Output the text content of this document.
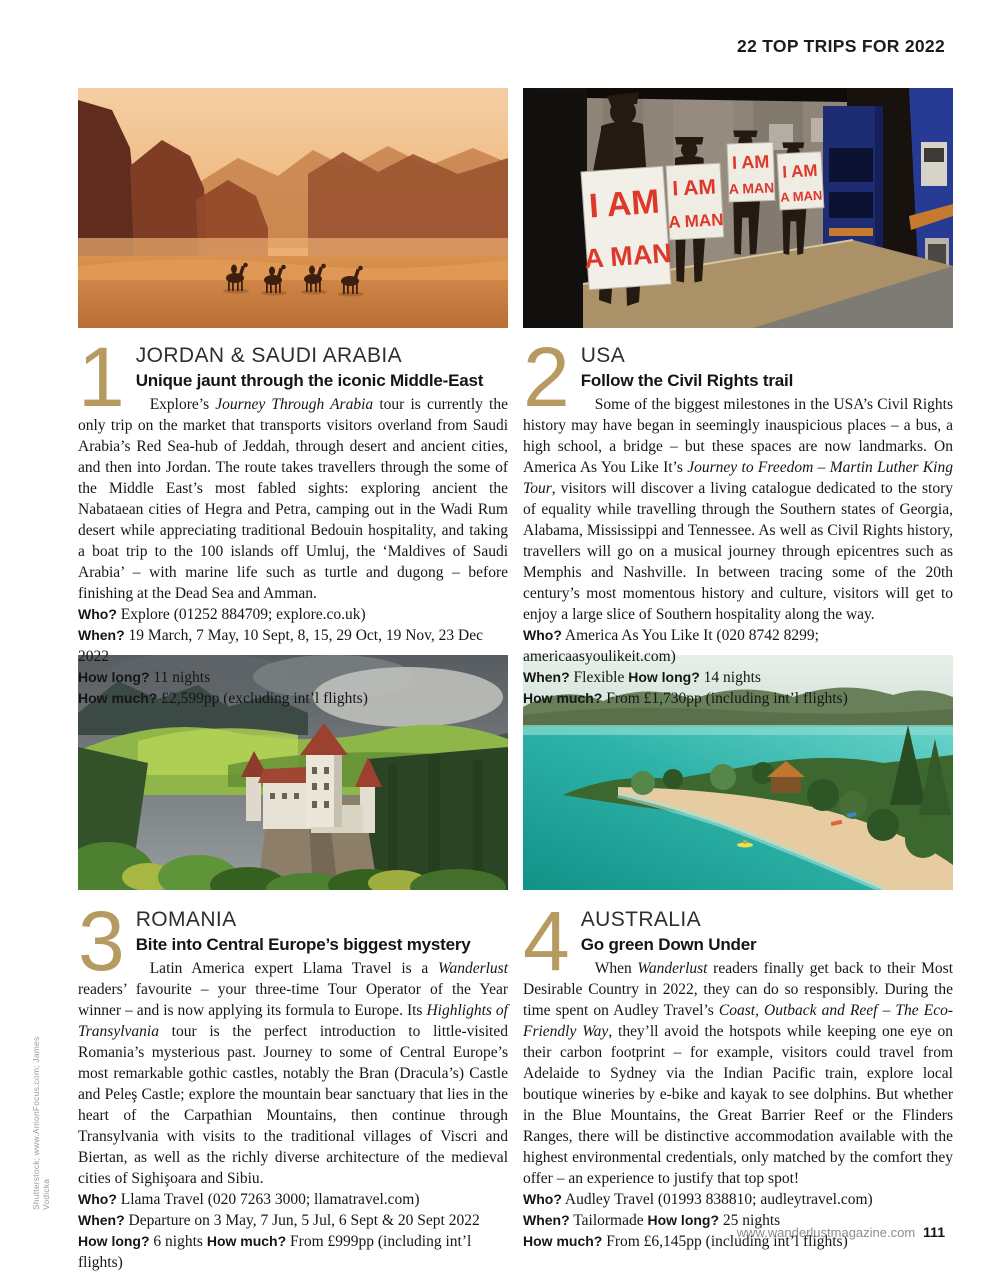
22 TOP TRIPS FOR 2022
I AM
A MAN
I AM
A MAN
I AM
A MAN
I AM
A MAN
1 JORDAN & SAUDI ARABIA
Unique jaunt through the iconic Middle-East

Explore’s Journey Through Arabia tour is currently the only trip on the market that transports visitors overland from Saudi Arabia’s Red Sea-hub of Jeddah, through desert and ancient cities, and then into Jordan. The route takes travellers through the some of the Middle East’s most fabled sights: exploring ancient the Nabataean cities of Hegra and Petra, camping out in the Wadi Rum desert while appreciating traditional Bedouin hospitality, and taking a boat trip to the 100 islands off Umluj, the ‘Maldives of Saudi Arabia’ – with marine life such as turtle and dugong – before finishing at the Dead Sea and Amman.

Who? Explore (01252 884709; explore.co.uk)
When? 19 March, 7 May, 10 Sept, 8, 15, 29 Oct, 19 Nov, 23 Dec 2022
How long? 11 nights
How much? £2,599pp (excluding int’l flights)
2 USA
Follow the Civil Rights trail

Some of the biggest milestones in the USA’s Civil Rights history may have began in seemingly inauspicious places – a bus, a high school, a bridge – but these spaces are now landmarks. On America As You Like It’s Journey to Freedom – Martin Luther King Tour, visitors will discover a living catalogue dedicated to the story of equality while travelling through the Southern states of Georgia, Alabama, Mississippi and Tennessee. As well as Civil Rights history, travellers will go on a musical journey through epicentres such as Memphis and Nashville. In between tracing some of the 20th century’s most momentous history and culture, visitors will get to enjoy a large slice of Southern hospitality along the way.

Who? America As You Like It (020 8742 8299; americaasyoulikeit.com)
When? Flexible How long? 14 nights
How much? From £1,730pp (including int’l flights)
3 ROMANIA
Bite into Central Europe’s biggest mystery

Latin America expert Llama Travel is a Wanderlust readers’ favourite – your three-time Tour Operator of the Year winner – and is now applying its formula to Europe. Its Highlights of Transylvania tour is the perfect introduction to little-visited Romania’s mysterious past. Journey to some of Central Europe’s most remarkable gothic castles, notably the Bran (Dracula’s) Castle and Peleş Castle; explore the mountain bear sanctuary that lies in the heart of the Carpathian Mountains, then continue through Transylvania with visits to the traditional villages of Viscri and Biertan, as well as the richly diverse architecture of the medieval cities of Sighişoara and Sibiu.

Who? Llama Travel (020 7263 3000; llamatravel.com)
When? Departure on 3 May, 7 Jun, 5 Jul, 6 Sept & 20 Sept 2022
How long? 6 nights How much? From £999pp (including int’l flights)
4 AUSTRALIA
Go green Down Under

When Wanderlust readers finally get back to their Most Desirable Country in 2022, they can do so responsibly. During the time spent on Audley Travel’s Coast, Outback and Reef – The Eco-Friendly Way, they’ll avoid the hotspots while keeping one eye on their carbon footprint – for example, visitors could travel from Adelaide to Sydney via the Indian Pacific train, explore local boutique wineries by e-bike and kayak to see dolphins. But whether in the Blue Mountains, the Great Barrier Reef or the Flinders Ranges, there will be distinctive accommodation available with the highest environmental credentials, only matched by the comfort they offer – an experience to justify that top spot!

Who? Audley Travel (01993 838810; audleytravel.com)
When? Tailormade How long? 25 nights
How much? From £6,145pp (including int’l flights)
Shutterstock; www.AmonFocus.com; James Vodicka
www.wanderlustmagazine.com 111
